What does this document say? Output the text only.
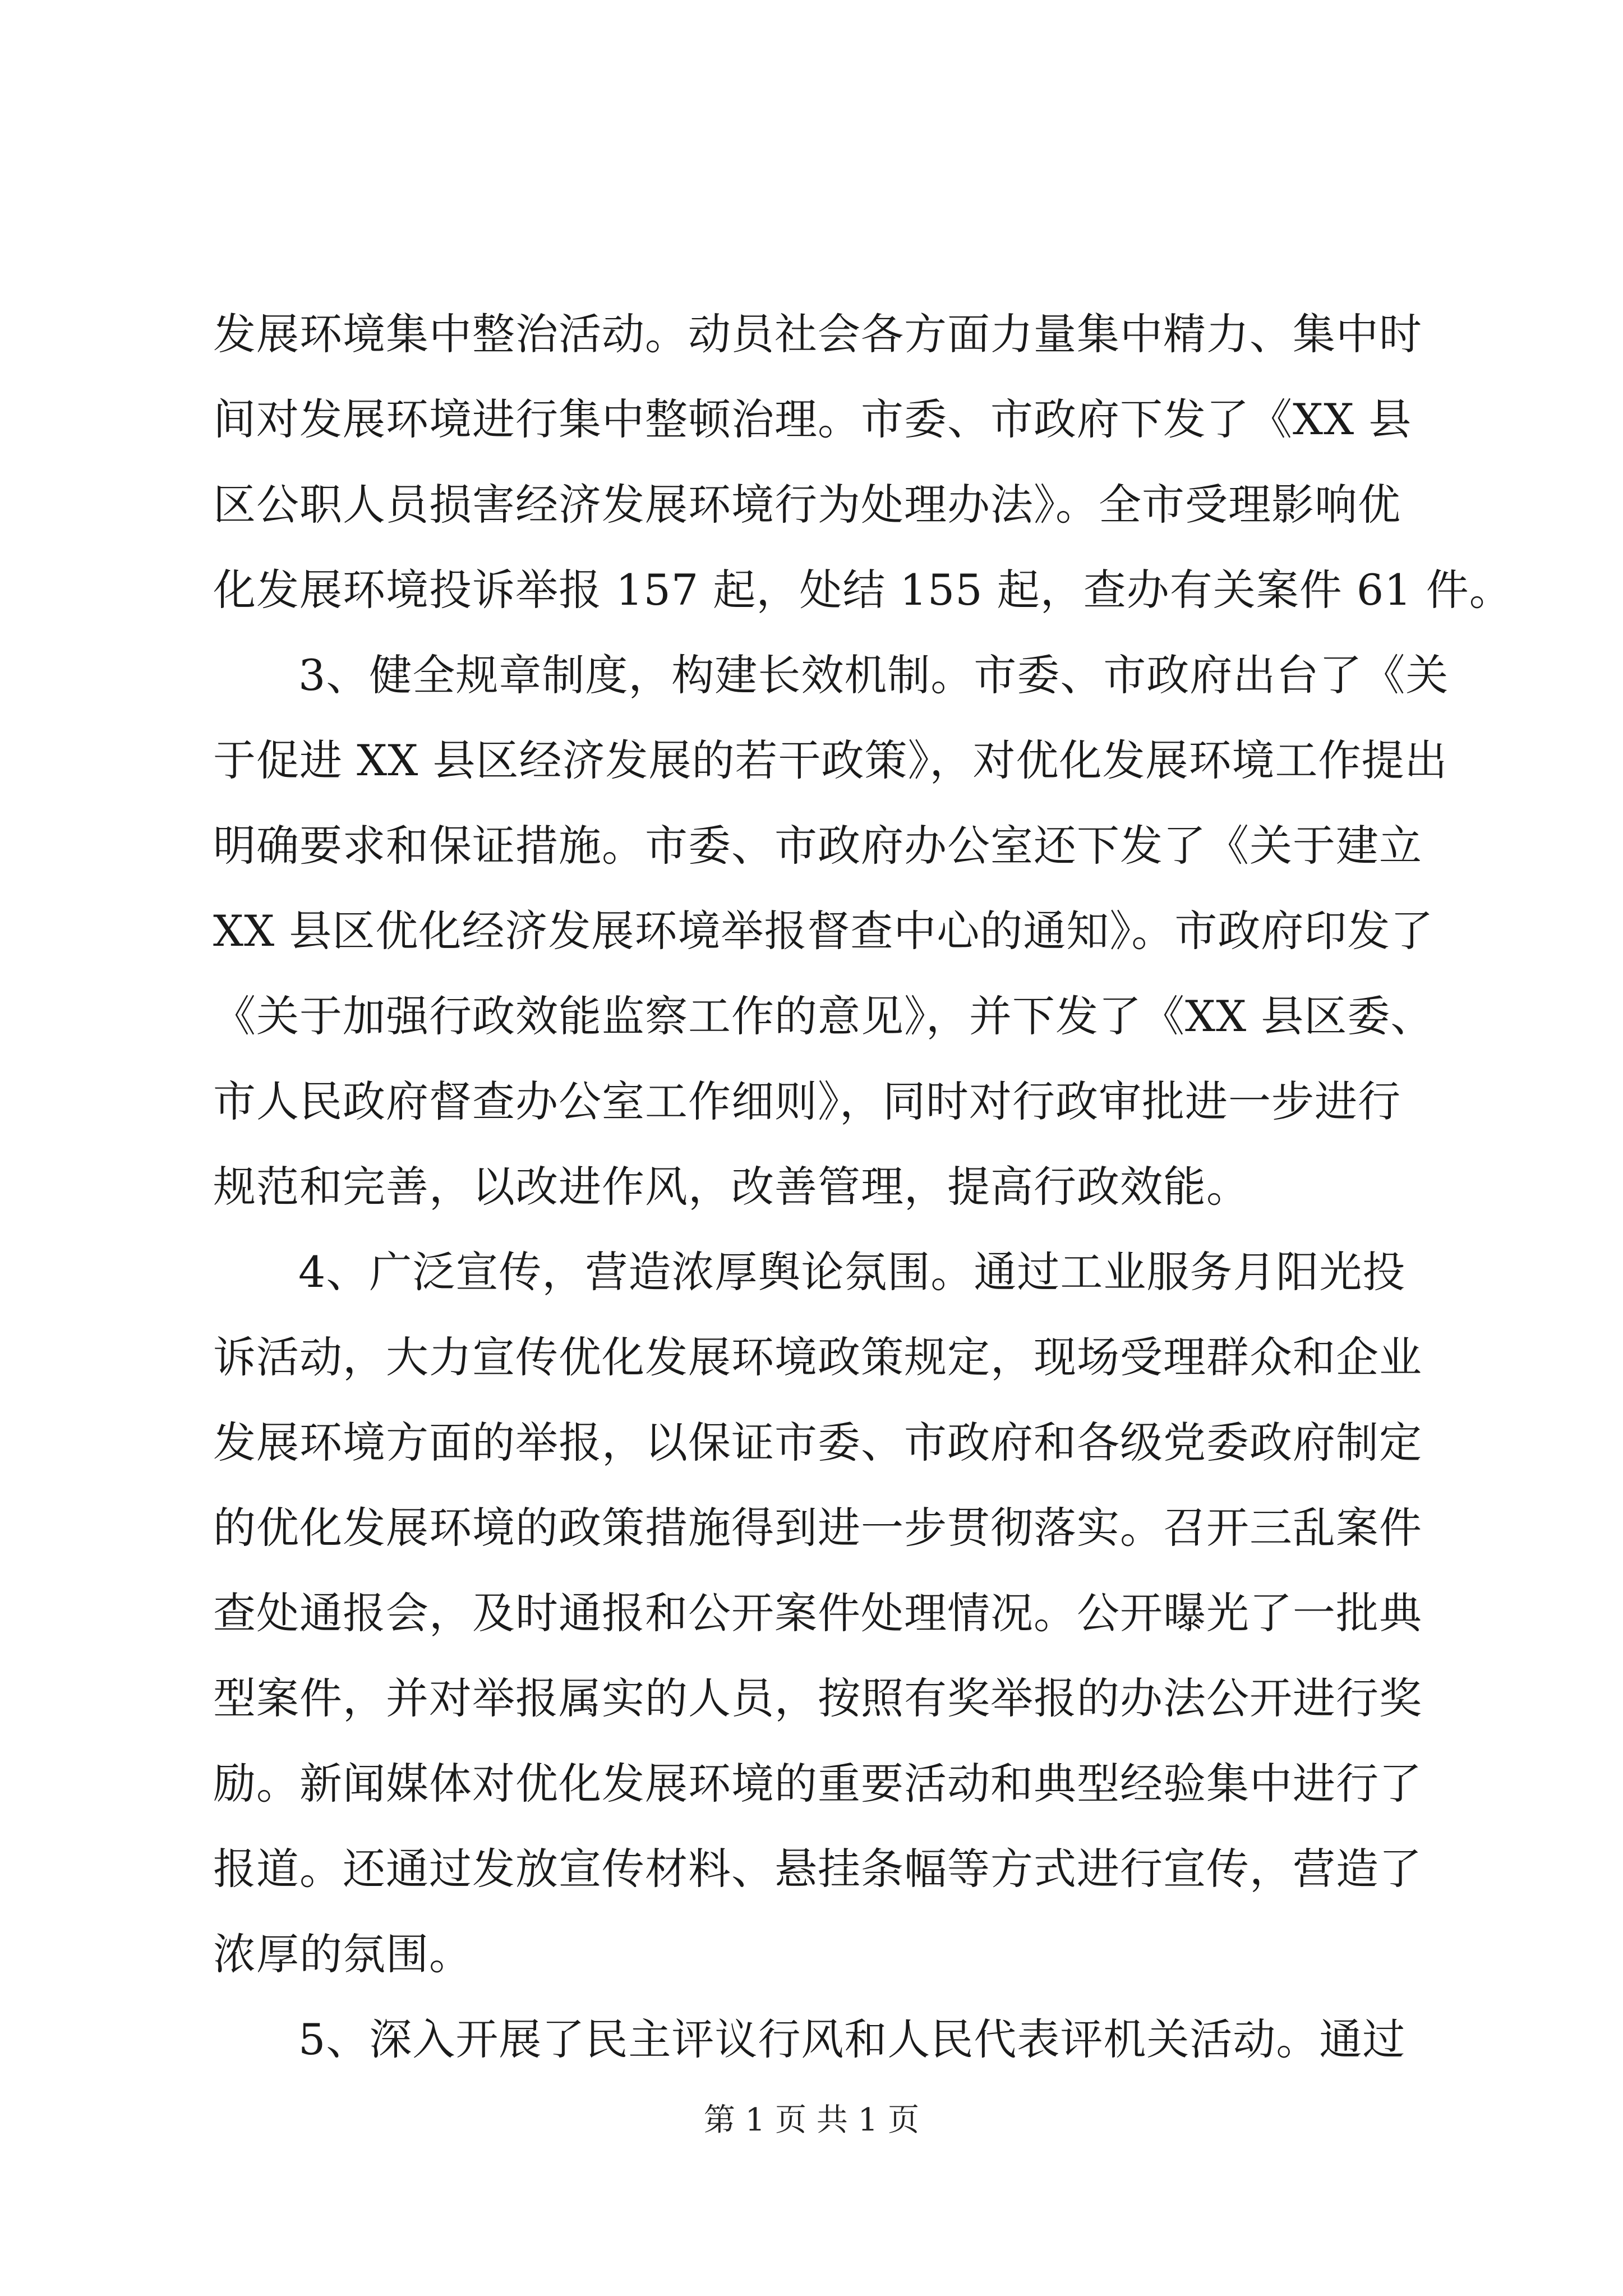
发展环境集中整治活动。动员社会各方面力量集中精力、集中时
间对发展环境进行集中整顿治理。市委、市政府下发了《XX 县
区公职人员损害经济发展环境行为处理办法》。全市受理影响优
化发展环境投诉举报 157 起，处结 155 起，查办有关案件 61 件。
3、健全规章制度，构建长效机制。市委、市政府出台了《关
于促进 XX 县区经济发展的若干政策》，对优化发展环境工作提出
明确要求和保证措施。市委、市政府办公室还下发了《关于建立
XX 县区优化经济发展环境举报督查中心的通知》。市政府印发了
《关于加强行政效能监察工作的意见》，并下发了《XX 县区委、
市人民政府督查办公室工作细则》，同时对行政审批进一步进行
规范和完善，以改进作风，改善管理，提高行政效能。
4、广泛宣传，营造浓厚舆论氛围。通过工业服务月阳光投
诉活动，大力宣传优化发展环境政策规定，现场受理群众和企业
发展环境方面的举报，以保证市委、市政府和各级党委政府制定
的优化发展环境的政策措施得到进一步贯彻落实。召开三乱案件
查处通报会，及时通报和公开案件处理情况。公开曝光了一批典
型案件，并对举报属实的人员，按照有奖举报的办法公开进行奖
励。新闻媒体对优化发展环境的重要活动和典型经验集中进行了
报道。还通过发放宣传材料、悬挂条幅等方式进行宣传，营造了
浓厚的氛围。
5、深入开展了民主评议行风和人民代表评机关活动。通过
第 1 页 共 1 页
